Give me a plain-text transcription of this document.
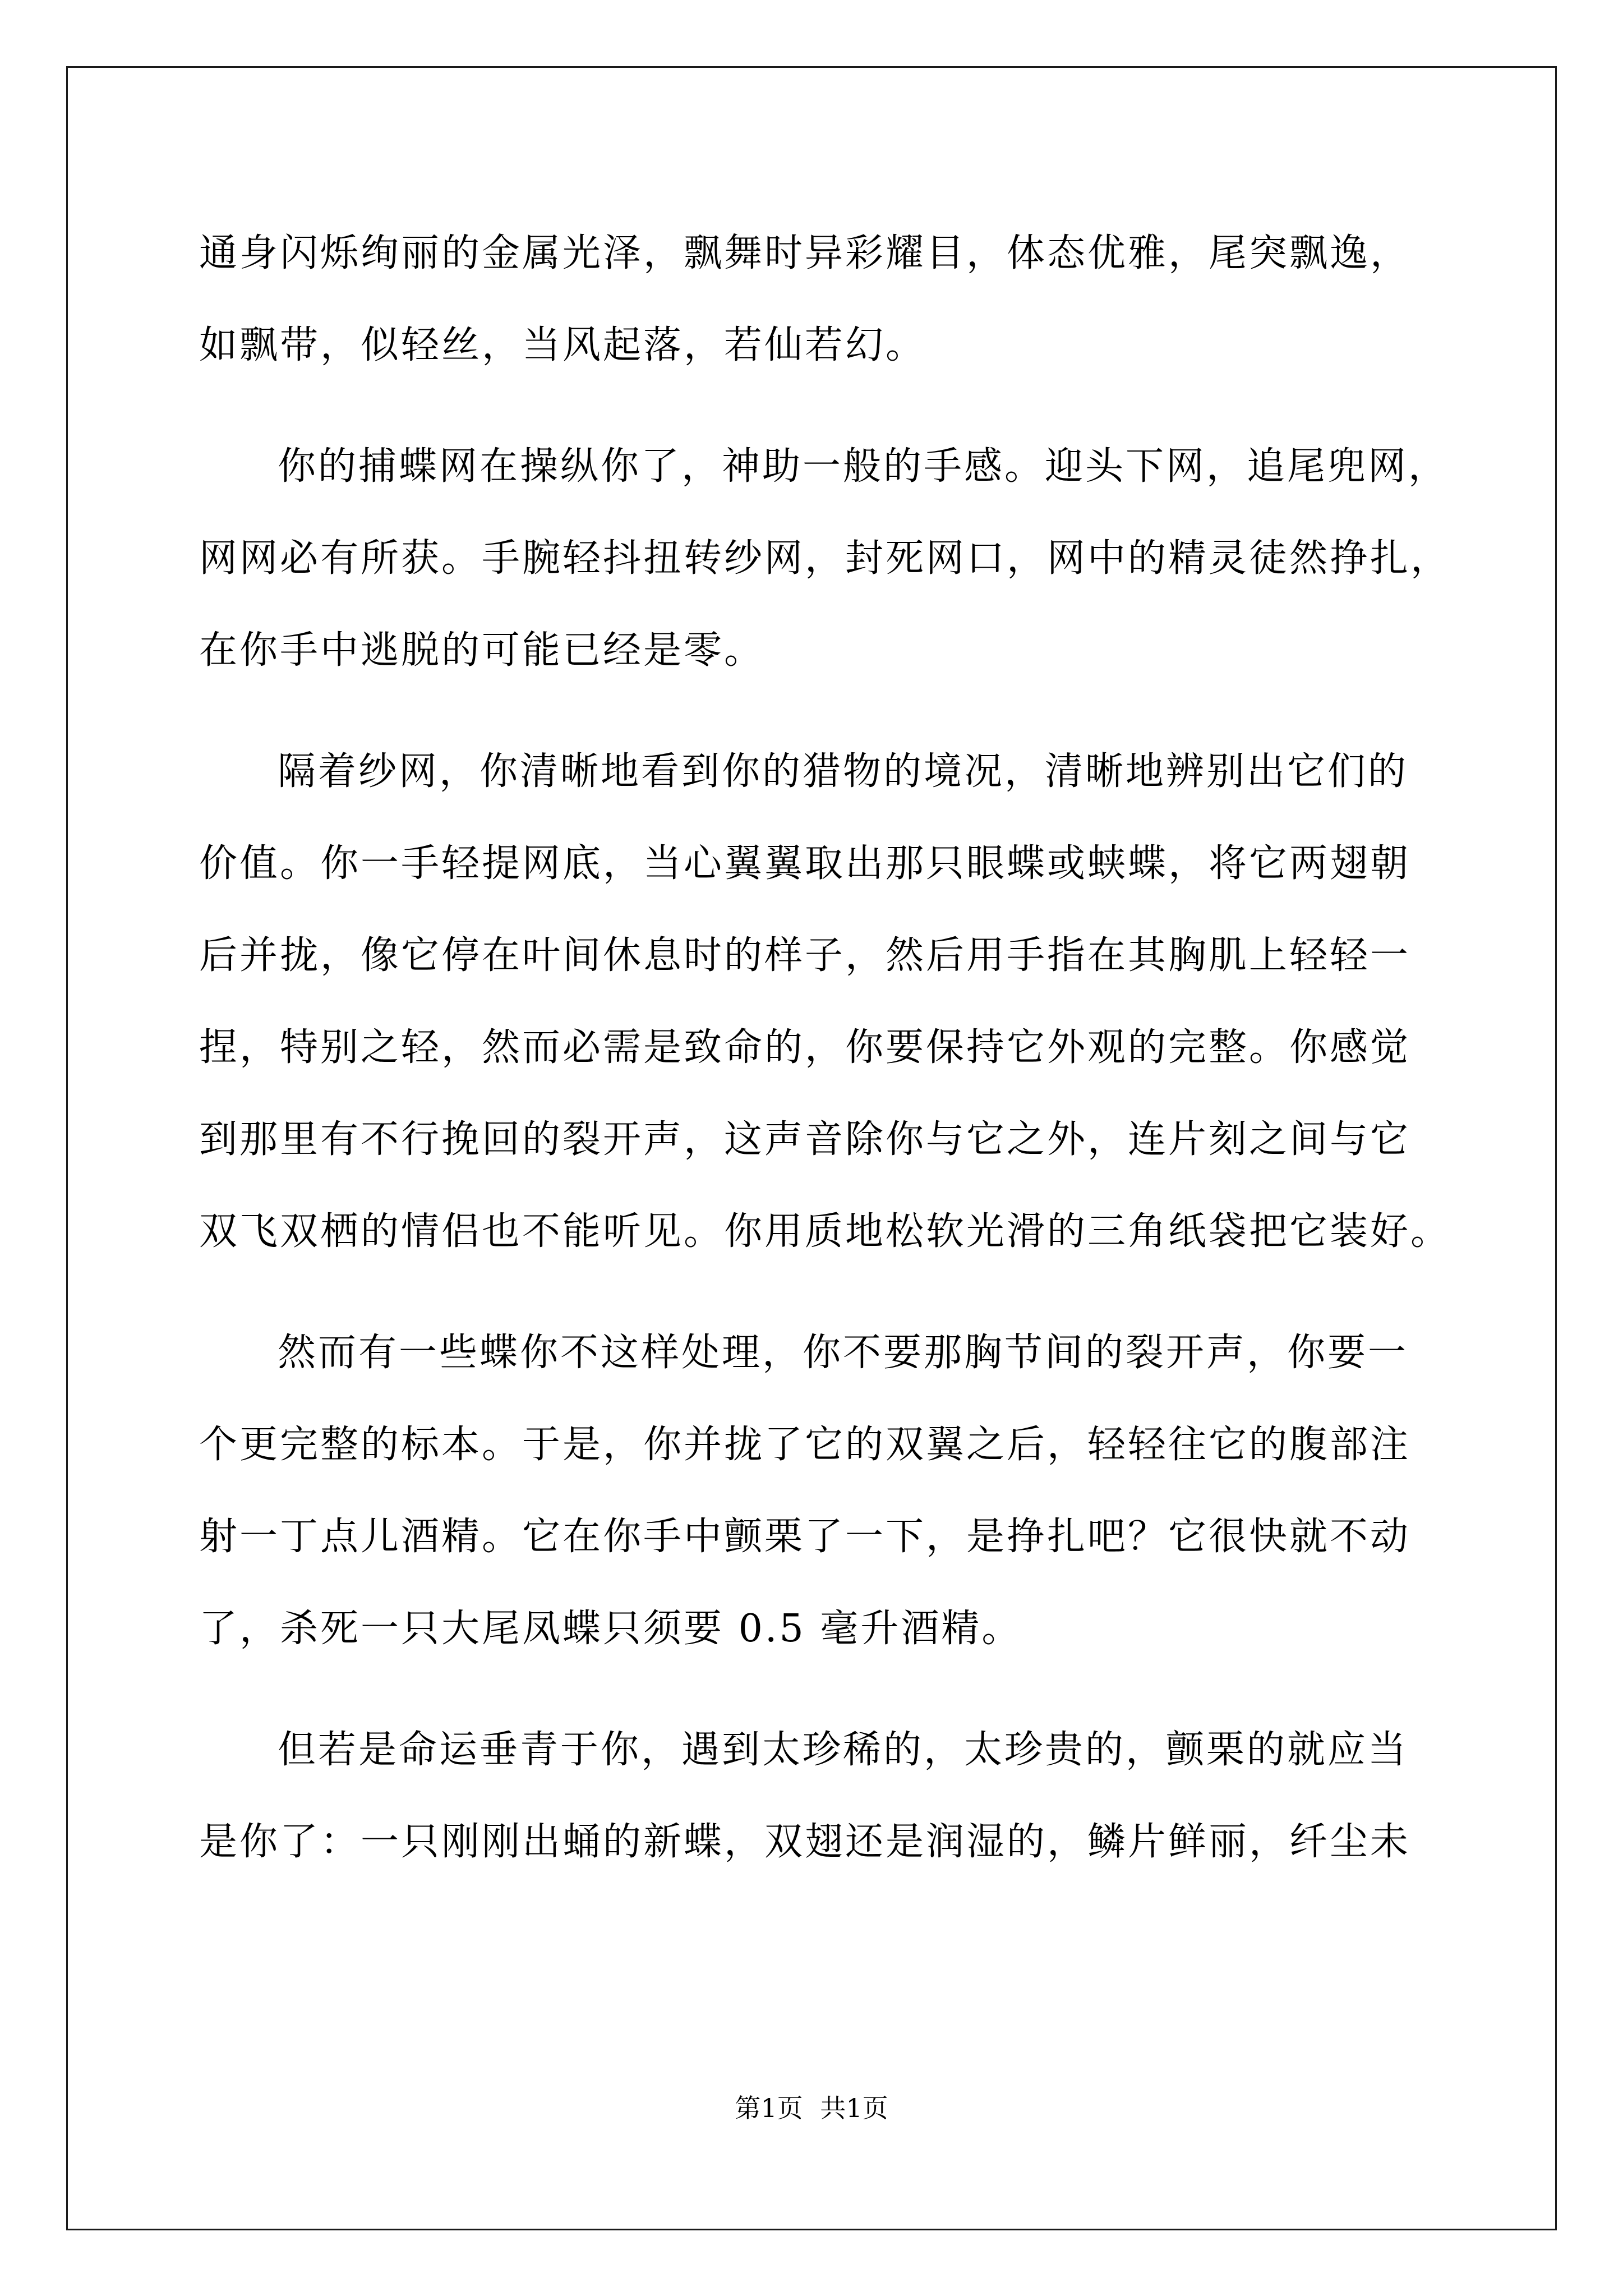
通身闪烁绚丽的金属光泽，飘舞时异彩耀目，体态优雅，尾突飘逸，
如飘带，似轻丝，当风起落，若仙若幻。
你的捕蝶网在操纵你了，神助一般的手感。迎头下网，追尾兜网，
网网必有所获。手腕轻抖扭转纱网，封死网口，网中的精灵徒然挣扎，
在你手中逃脱的可能已经是零。
隔着纱网，你清晰地看到你的猎物的境况，清晰地辨别出它们的
价值。你一手轻提网底，当心翼翼取出那只眼蝶或蛱蝶，将它两翅朝
后并拢，像它停在叶间休息时的样子，然后用手指在其胸肌上轻轻一
捏，特别之轻，然而必需是致命的，你要保持它外观的完整。你感觉
到那里有不行挽回的裂开声，这声音除你与它之外，连片刻之间与它
双飞双栖的情侣也不能听见。你用质地松软光滑的三角纸袋把它装好。
然而有一些蝶你不这样处理，你不要那胸节间的裂开声，你要一
个更完整的标本。于是，你并拢了它的双翼之后，轻轻往它的腹部注
射一丁点儿酒精。它在你手中颤栗了一下，是挣扎吧？它很快就不动
了，杀死一只大尾凤蝶只须要 0.5 毫升酒精。
但若是命运垂青于你，遇到太珍稀的，太珍贵的，颤栗的就应当
是你了：一只刚刚出蛹的新蝶，双翅还是润湿的，鳞片鲜丽，纤尘未
第1页 共1页
